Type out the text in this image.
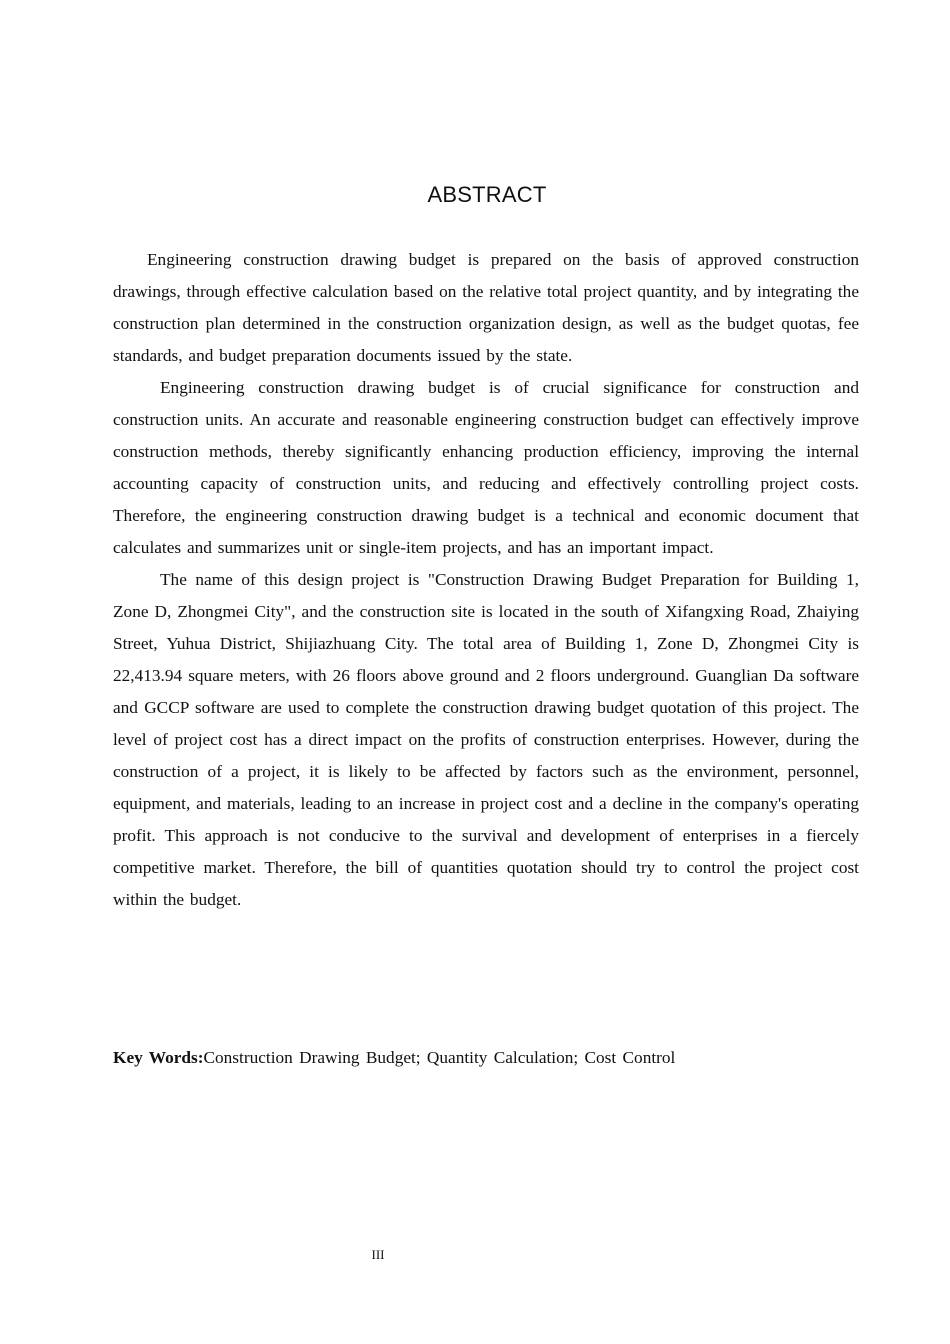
ABSTRACT

Engineering construction drawing budget is prepared on the basis of approved construction drawings, through effective calculation based on the relative total project quantity, and by integrating the construction plan determined in the construction organization design, as well as the budget quotas, fee standards, and budget preparation documents issued by the state.

Engineering construction drawing budget is of crucial significance for construction and construction units. An accurate and reasonable engineering construction budget can effectively improve construction methods, thereby significantly enhancing production efficiency, improving the internal accounting capacity of construction units, and reducing and effectively controlling project costs. Therefore, the engineering construction drawing budget is a technical and economic document that calculates and summarizes unit or single-item projects, and has an important impact.

The name of this design project is "Construction Drawing Budget Preparation for Building 1, Zone D, Zhongmei City", and the construction site is located in the south of Xifangxing Road, Zhaiying Street, Yuhua District, Shijiazhuang City. The total area of Building 1, Zone D, Zhongmei City is 22,413.94 square meters, with 26 floors above ground and 2 floors underground. Guanglian Da software and GCCP software are used to complete the construction drawing budget quotation of this project. The level of project cost has a direct impact on the profits of construction enterprises. However, during the construction of a project, it is likely to be affected by factors such as the environment, personnel, equipment, and materials, leading to an increase in project cost and a decline in the company's operating profit. This approach is not conducive to the survival and development of enterprises in a fiercely competitive market. Therefore, the bill of quantities quotation should try to control the project cost within the budget.

Key Words:Construction Drawing Budget; Quantity Calculation; Cost Control
III
